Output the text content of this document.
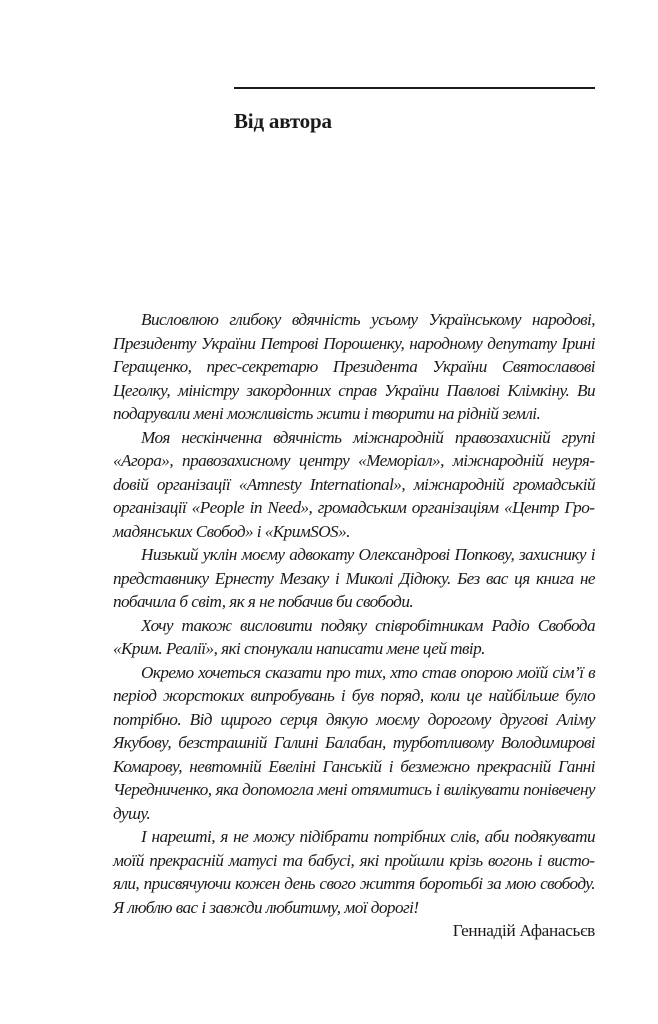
Від автора

Висловлюю глибоку вдячність усьому Українському народові, Президенту України Петрові Порошенку, народному депутату Ірині Геращенко, прес-секретарю Президента України Святославові Цеголку, міністру закордонних справ України Павлові Клімкіну. Ви подарували мені можливість жити і творити на рідній землі.

Моя нескінченна вдячність міжнародній правозахисній групі «Агора», правозахисному центру «Меморіал», міжнародній неуряdовій організації «Amnesty International», міжнародній громадській організації «People in Need», громадським організаціям «Центр Громадянських Свобод» і «КримSOS».

Низький уклін моєму адвокату Олександрові Попкову, захиснику і представнику Ернесту Мезаку і Миколі Дідюку. Без вас ця книга не побачила б світ, як я не побачив би свободи.

Хочу також висловити подяку співробітникам Радіо Свобода «Крим. Реалії», які спонукали написати мене цей твір.

Окремо хочеться сказати про тих, хто став опорою моїй сім’ї в період жорстоких випробувань і був поряд, коли це найбільше було потрібно. Від щирого серця дякую моєму дорогому другові Аліму Якубову, безстрашній Галині Балабан, турботливому Володимирові Комарову, невтомній Евеліні Ганській і безмежно прекрасній Ганні Чередниченко, яка допомогла мені отямитись і вилікувати понівечену душу.

І нарешті, я не можу підібрати потрібних слів, аби подякувати моїй прекрасній матусі та бабусі, які пройшли крізь вогонь і вистояли, присвячуючи кожен день свого життя боротьбі за мою свободу. Я люблю вас і завжди любитиму, мої дорогі!

Геннадій Афанасьєв
